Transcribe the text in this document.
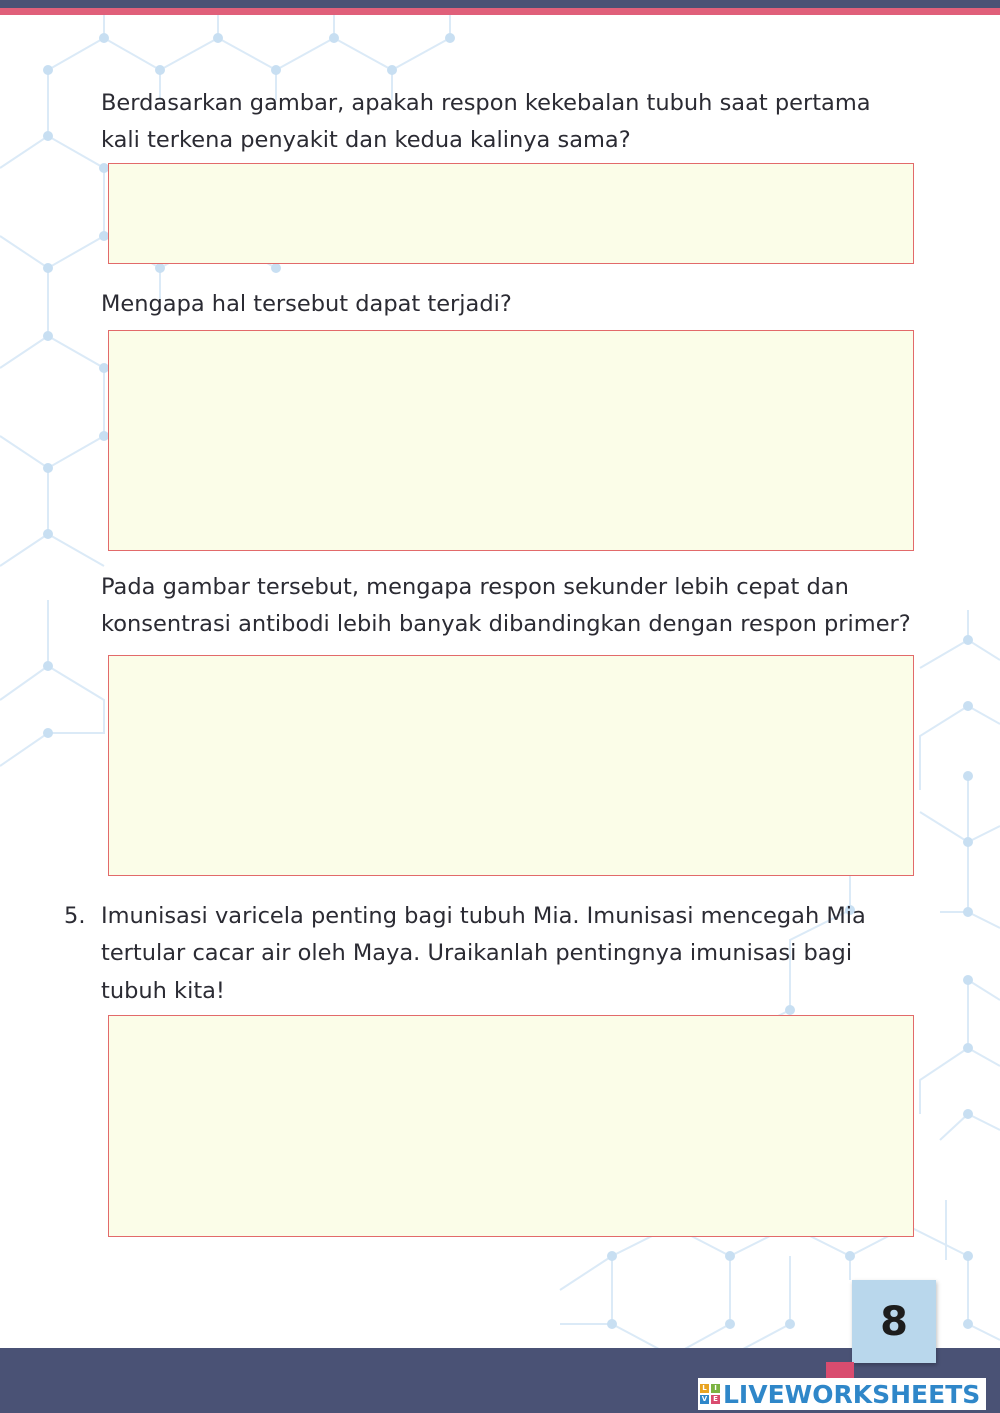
Berdasarkan gambar, apakah respon kekebalan tubuh saat pertama
kali terkena penyakit dan kedua kalinya sama?
Mengapa hal tersebut dapat terjadi?
Pada gambar tersebut, mengapa respon sekunder lebih cepat dan
konsentrasi antibodi lebih banyak dibandingkan dengan respon primer?
5. Imunisasi varicela penting bagi tubuh Mia. Imunisasi mencegah Mia
tertular cacar air oleh Maya. Uraikanlah pentingnya imunisasi bagi
tubuh kita!
8
L	I
V E LIVEWORKSHEETS
